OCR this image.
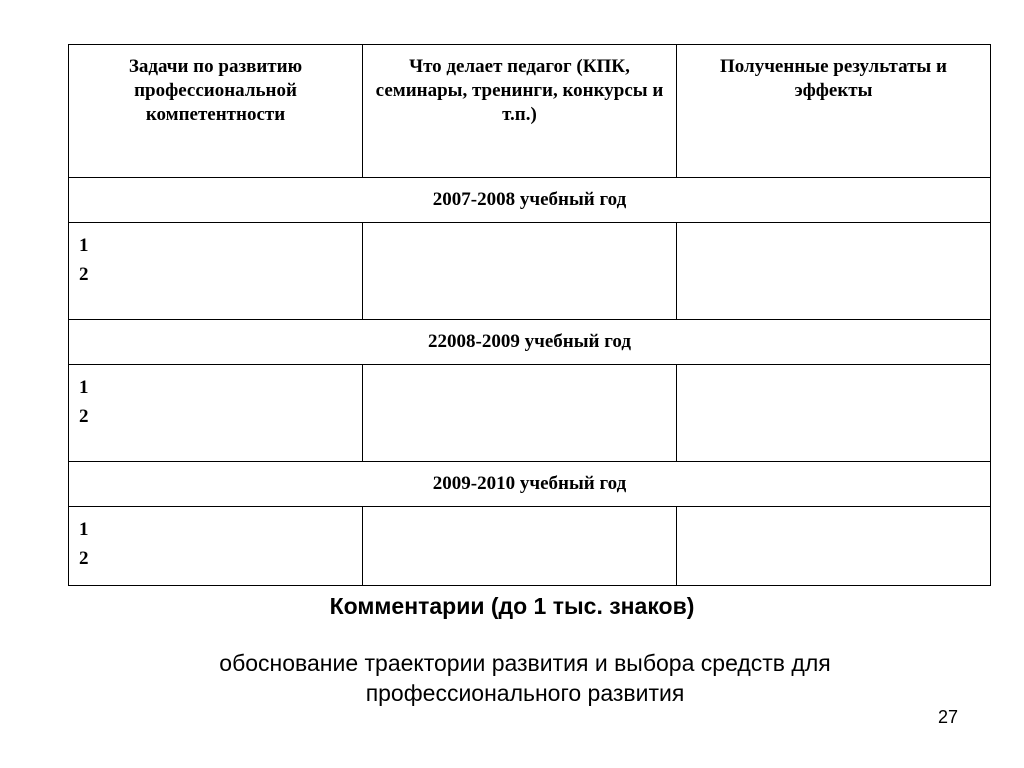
Задачи по развитию профессиональной компетентности	Что делает педагог (КПК, семинары, тренинги, конкурсы и т.п.)	Полученные результаты и эффекты

2007-2008 учебный год		

1
2		

22008-2009 учебный год		

1
2		

2009-2010 учебный год		

1
2		

Комментарии (до 1 тыс. знаков)
обоснование траектории развития и выбора средств для профессионального развития
27
